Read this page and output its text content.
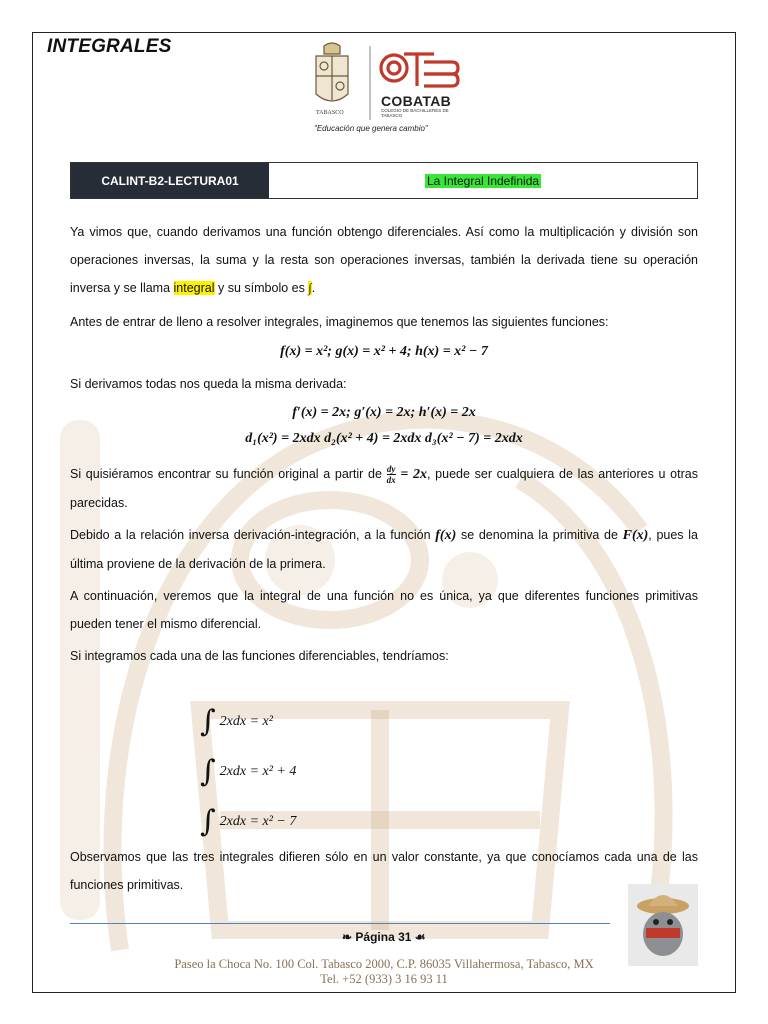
INTEGRALES
TABASCO
COBATAB
COLEGIO DE BACHILLERES DE TABASCO
"Educación que genera cambio"
CALINT-B2-LECTURA01	La Integral Indefinida

Ya vimos que, cuando derivamos una función obtengo diferenciales. Así como la multiplicación y división son operaciones inversas, la suma y la resta son operaciones inversas, también la derivada tiene su operación inversa y se llama integral y su símbolo es ∫.

Antes de entrar de lleno a resolver integrales, imaginemos que tenemos las siguientes funciones:

f(x) = x²; g(x) = x² + 4; h(x) = x² − 7

Si derivamos todas nos queda la misma derivada:

f′(x) = 2x; g′(x) = 2x; h′(x) = 2x
d₁(x²) = 2xdx d₂(x² + 4) = 2xdx d₃(x² − 7) = 2xdx

Si quisiéramos encontrar su función original a partir de $\frac{dy}{dx} = 2x$, puede ser cualquiera de las anteriores u otras parecidas.

Debido a la relación inversa derivación-integración, a la función f(x) se denomina la primitiva de F(x), pues la última proviene de la derivación de la primera.

A continuación, veremos que la integral de una función no es única, ya que diferentes funciones primitivas pueden tener el mismo diferencial.

Si integramos cada una de las funciones diferenciables, tendríamos:

∫ 2xdx = x²
∫ 2xdx = x² + 4
∫ 2xdx = x² − 7

Observamos que las tres integrales difieren sólo en un valor constante, ya que conocíamos cada una de las funciones primitivas.

❧ Página 31 ☙
Paseo la Choca No. 100 Col. Tabasco 2000, C.P. 86035 Villahermosa, Tabasco, MX
Tel. +52 (933) 3 16 93 11
